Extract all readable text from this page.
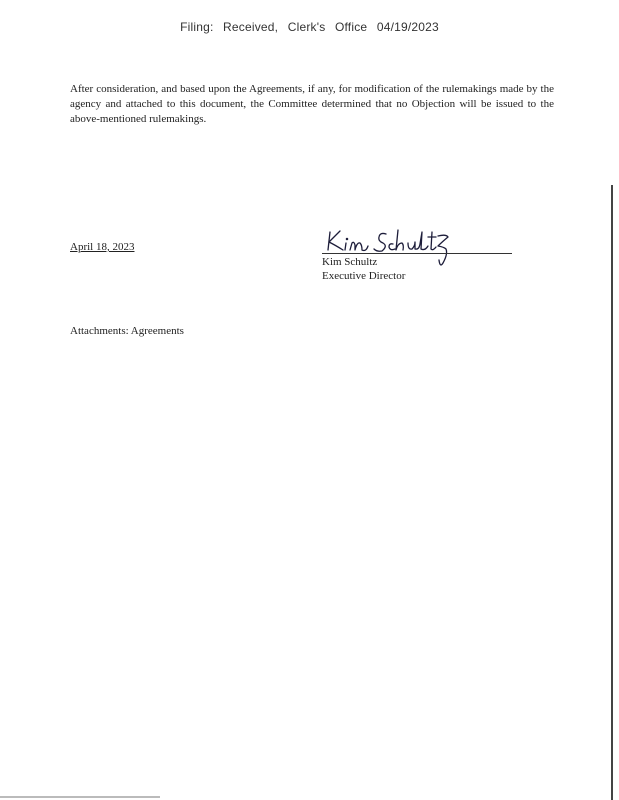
Filing: Received, Clerk's Office 04/19/2023

After consideration, and based upon the Agreements, if any, for modification of the rulemakings made by the agency and attached to this document, the Committee determined that no Objection will be issued to the above-mentioned rulemakings.

April 18, 2023
Kim Schultz
Executive Director
Attachments: Agreements
